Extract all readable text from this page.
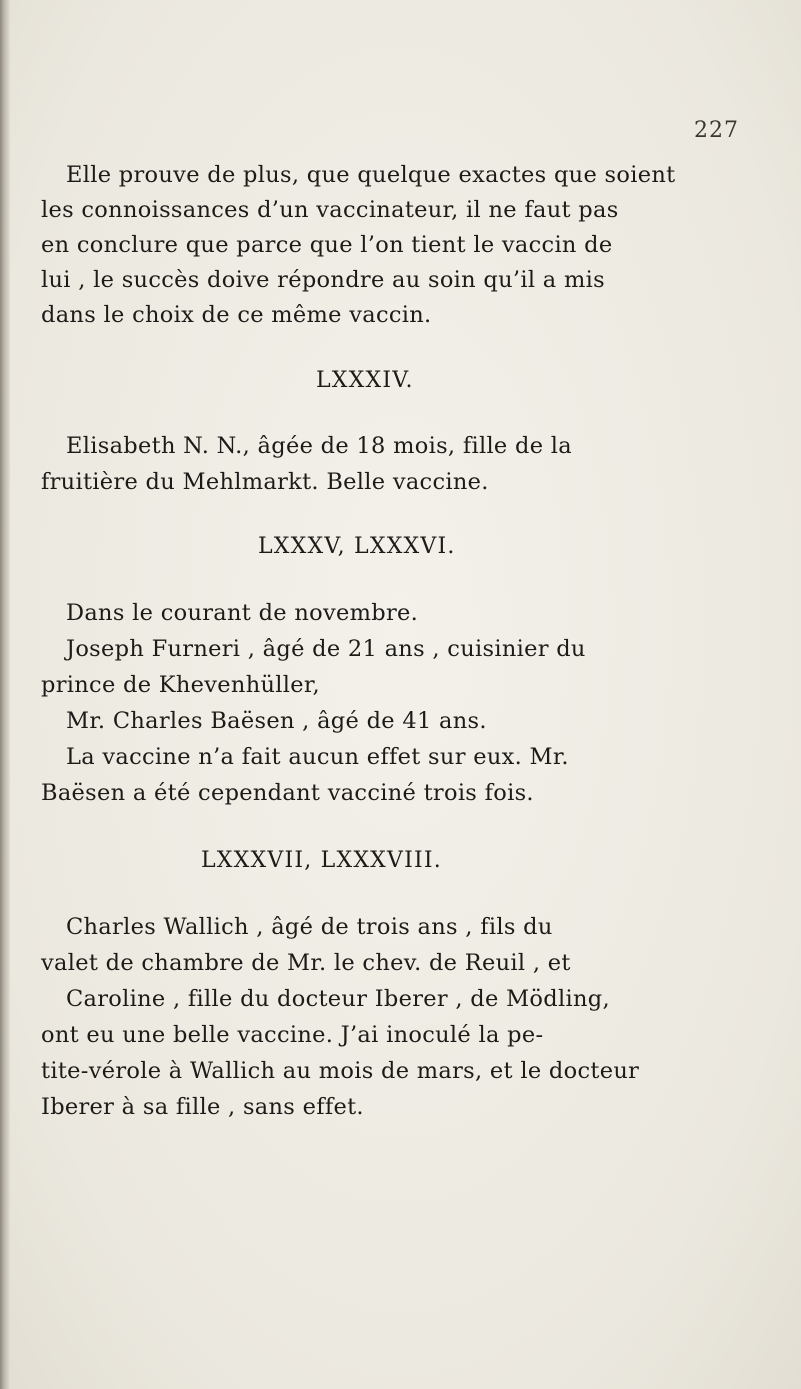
227
Elle prouve de plus, que quelque exactes que soient
les connoissances d’un vaccinateur, il ne faut pas
en conclure que parce que l’on tient le vaccin de
lui , le succès doive répondre au soin qu’il a mis
dans le choix de ce même vaccin.
LXXXIV.
Elisabeth N. N., âgée de 18 mois, fille de la
fruitière du Mehlmarkt. Belle vaccine.
LXXXV, LXXXVI.
Dans le courant de novembre.
Joseph Furneri , âgé de 21 ans , cuisinier du
prince de Khevenhüller,
Mr. Charles Baësen , âgé de 41 ans.
La vaccine n’a fait aucun effet sur eux. Mr.
Baësen a été cependant vacciné trois fois.
LXXXVII, LXXXVIII.
Charles Wallich , âgé de trois ans , fils du
valet de chambre de Mr. le chev. de Reuil , et
Caroline , fille du docteur Iberer , de Mödling,
ont eu une belle vaccine. J’ai inoculé la pe-
tite-vérole à Wallich au mois de mars, et le docteur
Iberer à sa fille , sans effet.
